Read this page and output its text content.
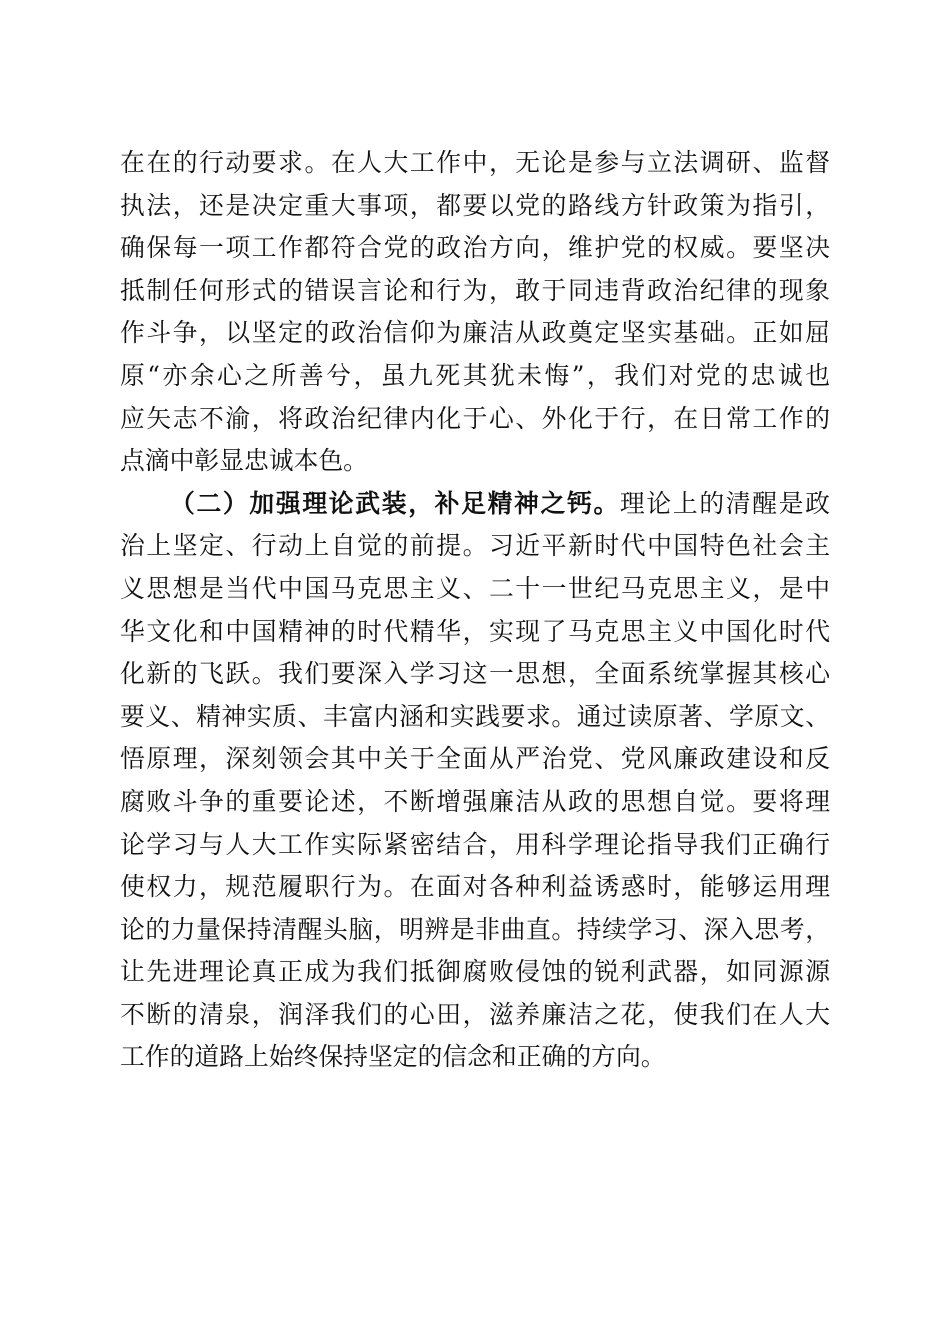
在在的行动要求。在人大工作中，无论是参与立法调研、监督
执法，还是决定重大事项，都要以党的路线方针政策为指引，
确保每一项工作都符合党的政治方向，维护党的权威。要坚决
抵制任何形式的错误言论和行为，敢于同违背政治纪律的现象
作斗争，以坚定的政治信仰为廉洁从政奠定坚实基础。正如屈
原“亦余心之所善兮，虽九死其犹未悔”，我们对党的忠诚也
应矢志不渝，将政治纪律内化于心、外化于行，在日常工作的
点滴中彰显忠诚本色。
（二）加强理论武装，补足精神之钙。理论上的清醒是政
治上坚定、行动上自觉的前提。习近平新时代中国特色社会主
义思想是当代中国马克思主义、二十一世纪马克思主义，是中
华文化和中国精神的时代精华，实现了马克思主义中国化时代
化新的飞跃。我们要深入学习这一思想，全面系统掌握其核心
要义、精神实质、丰富内涵和实践要求。通过读原著、学原文、
悟原理，深刻领会其中关于全面从严治党、党风廉政建设和反
腐败斗争的重要论述，不断增强廉洁从政的思想自觉。要将理
论学习与人大工作实际紧密结合，用科学理论指导我们正确行
使权力，规范履职行为。在面对各种利益诱惑时，能够运用理
论的力量保持清醒头脑，明辨是非曲直。持续学习、深入思考，
让先进理论真正成为我们抵御腐败侵蚀的锐利武器，如同源源
不断的清泉，润泽我们的心田，滋养廉洁之花，使我们在人大
工作的道路上始终保持坚定的信念和正确的方向。
